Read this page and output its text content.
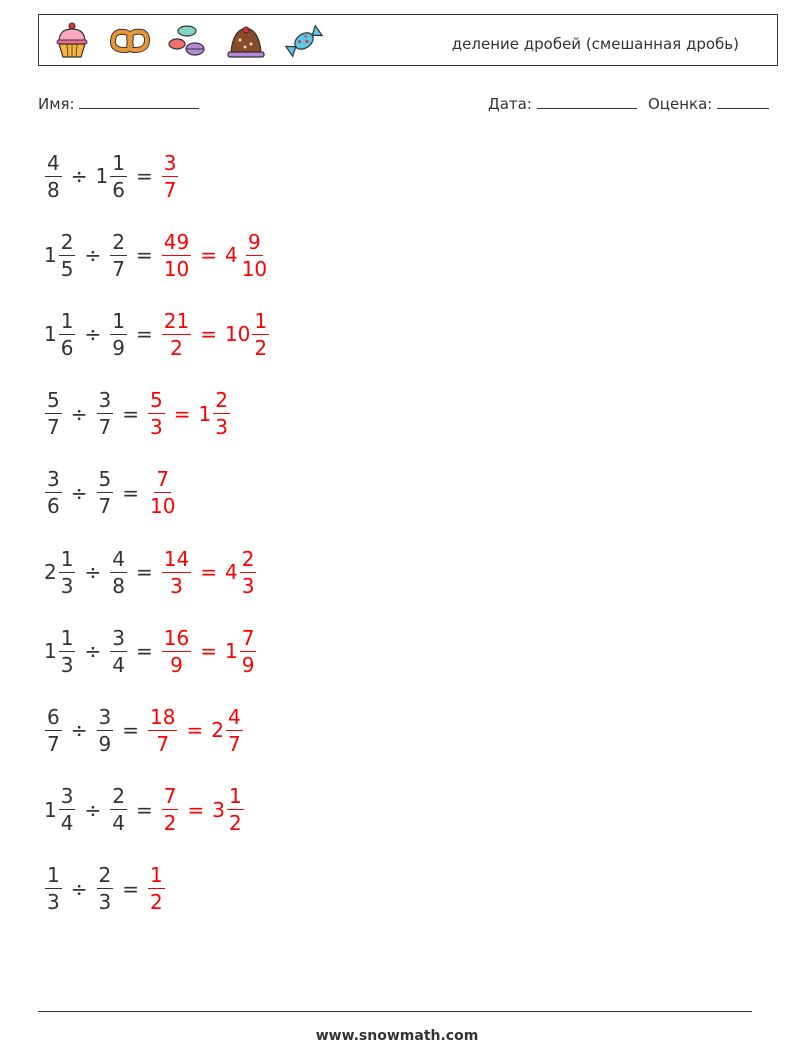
деление дробей (смешанная дробь)
Имя:	Дата:	Оценка:
$\frac{4}{8} \div 1 \frac{1}{6} = \frac{3}{7}$
$1 \frac{2}{5} \div \frac{2}{7} = \frac{49}{10} = 4 \frac{9}{10}$
$1 \frac{1}{6} \div \frac{1}{9} = \frac{21}{2} = 10 \frac{1}{2}$
$\frac{5}{7} \div \frac{3}{7} = \frac{5}{3} = 1 \frac{2}{3}$
$\frac{3}{6} \div \frac{5}{7} = \frac{7}{10}$
$2 \frac{1}{3} \div \frac{4}{8} = \frac{14}{3} = 4 \frac{2}{3}$
$1 \frac{1}{3} \div \frac{3}{4} = \frac{16}{9} = 1 \frac{7}{9}$
$\frac{6}{7} \div \frac{3}{9} = \frac{18}{7} = 2 \frac{4}{7}$
$1 \frac{3}{4} \div \frac{2}{4} = \frac{7}{2} = 3 \frac{1}{2}$
$\frac{1}{3} \div \frac{2}{3} = \frac{1}{2}$
www.snowmath.com
